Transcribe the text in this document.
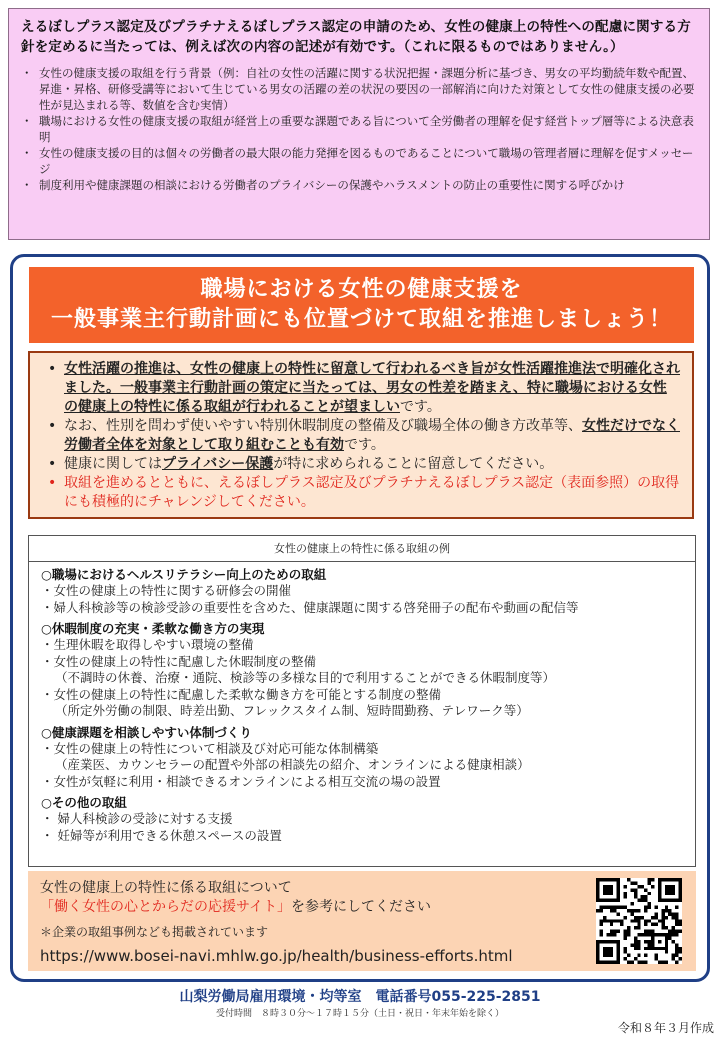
えるぼしプラス認定及びプラチナえるぼしプラス認定の申請のため、女性の健康上の特性への配慮に関する方針を定めるに当たっては、例えば次の内容の記述が有効です。（これに限るものではありません。）
・ 女性の健康支援の取組を行う背景（例：自社の女性の活躍に関する状況把握・課題分析に基づき、男女の平均勤続年数や配置、昇進・昇格、研修受講等において生じている男女の活躍の差の状況の要因の一部解消に向けた対策として女性の健康支援の必要性が見込まれる等、数値を含む実情）
・ 職場における女性の健康支援の取組が経営上の重要な課題である旨について全労働者の理解を促す経営トップ層等による決意表明
・ 女性の健康支援の目的は個々の労働者の最大限の能力発揮を図るものであることについて職場の管理者層に理解を促すメッセージ
・ 制度利用や健康課題の相談における労働者のプライバシーの保護やハラスメントの防止の重要性に関する呼びかけ
職場における女性の健康支援を
一般事業主行動計画にも位置づけて取組を推進しましょう！
• 女性活躍の推進は、女性の健康上の特性に留意して行われるべき旨が女性活躍推進法で明確化されました。一般事業主行動計画の策定に当たっては、男女の性差を踏まえ、特に職場における女性の健康上の特性に係る取組が行われることが望ましいです。
• なお、性別を問わず使いやすい特別休暇制度の整備及び職場全体の働き方改革等、女性だけでなく労働者全体を対象として取り組むことも有効です。
• 健康に関してはプライバシー保護が特に求められることに留意してください。
• 取組を進めるとともに、えるぼしプラス認定及びプラチナえるぼしプラス認定（表面参照）の取得にも積極的にチャレンジしてください。
女性の健康上の特性に係る取組の例
○職場におけるヘルスリテラシー向上のための取組
・女性の健康上の特性に関する研修会の開催
・婦人科検診等の検診受診の重要性を含めた、健康課題に関する啓発冊子の配布や動画の配信等
○休暇制度の充実・柔軟な働き方の実現
・生理休暇を取得しやすい環境の整備
・女性の健康上の特性に配慮した休暇制度の整備
（不調時の休養、治療・通院、検診等の多様な目的で利用することができる休暇制度等）
・女性の健康上の特性に配慮した柔軟な働き方を可能とする制度の整備
（所定外労働の制限、時差出勤、フレックスタイム制、短時間勤務、テレワーク等）
○健康課題を相談しやすい体制づくり
・女性の健康上の特性について相談及び対応可能な体制構築
（産業医、カウンセラーの配置や外部の相談先の紹介、オンラインによる健康相談）
・女性が気軽に利用・相談できるオンラインによる相互交流の場の設置
○その他の取組
・ 婦人科検診の受診に対する支援
・ 妊婦等が利用できる休憩スペースの設置
女性の健康上の特性に係る取組について
「働く女性の心とからだの応援サイト」を参考にしてください
＊企業の取組事例なども掲載されています
https://www.bosei-navi.mhlw.go.jp/health/business-efforts.html
山梨労働局雇用環境・均等室　電話番号055-225-2851
受付時間　８時３０分～１７時１５分（土日・祝日・年末年始を除く）
令和８年３月作成
